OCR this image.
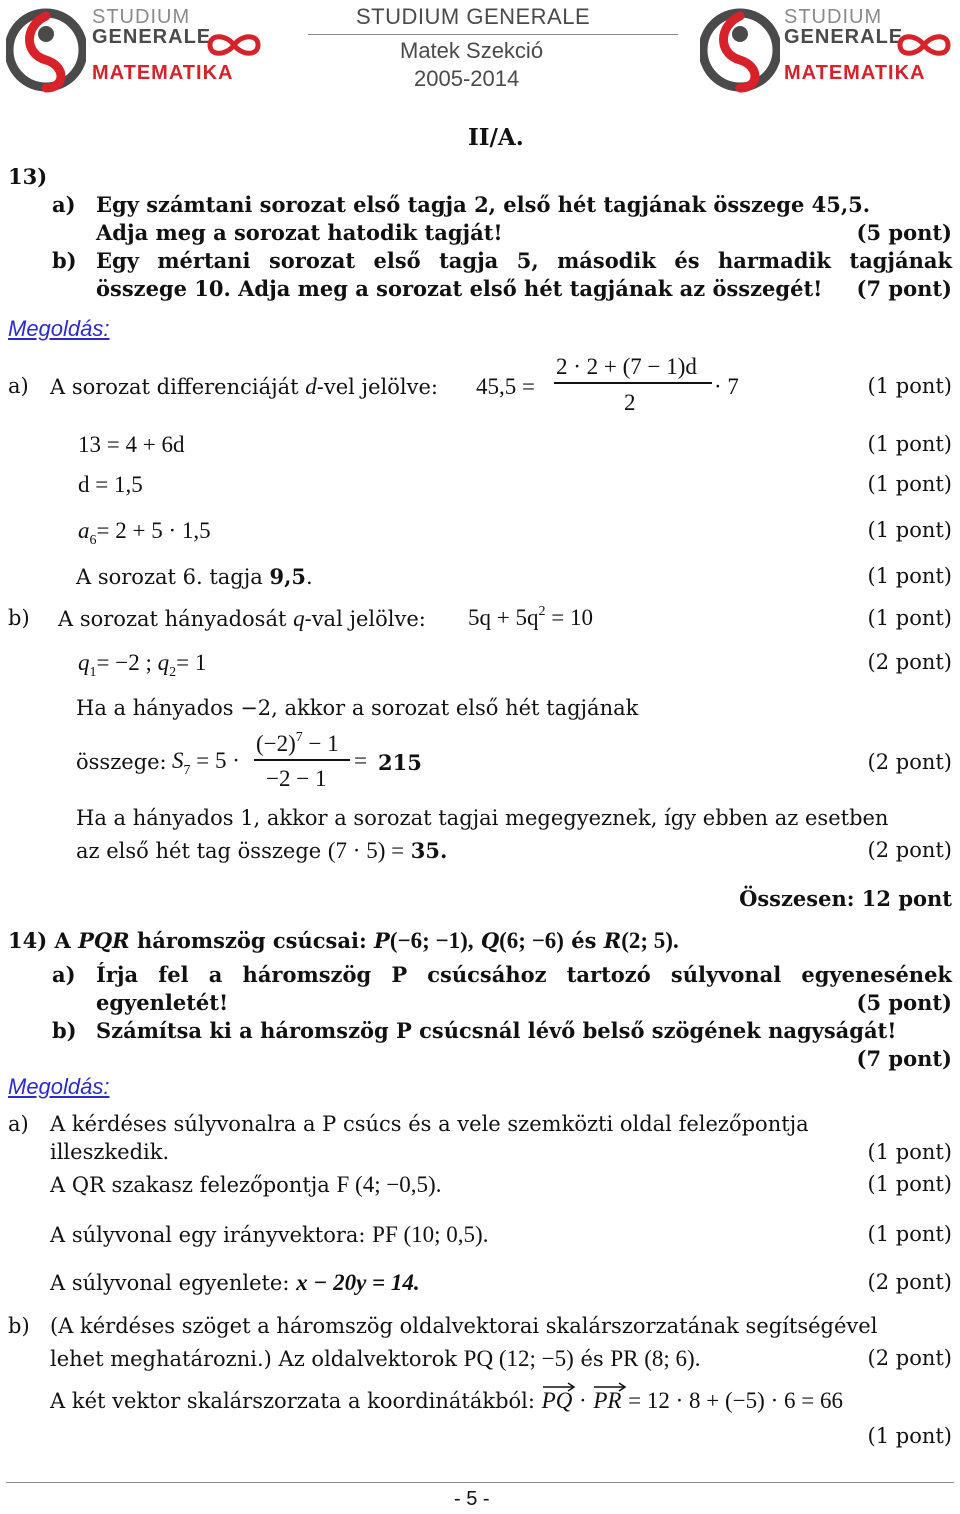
STUDIUM
GENERALE
MATEMATIKA
STUDIUM GENERALE
Matek Szekció
2005-2014
STUDIUM
GENERALE
MATEMATIKA
II/A.
13)
a) Egy számtani sorozat első tagja 2, első hét tagjának összege 45,5.
Adja meg a sorozat hatodik tagját!	(5 pont)
b) Egy mértani sorozat első tagja 5, második és harmadik tagjának
összege 10. Adja meg a sorozat első hét tagjának az összegét! (7 pont)
Megoldás:
a) A sorozat differenciáját d-vel jelölve: 45,5 =
2 · 2 + (7 − 1)d
2
· 7	(1 pont)
13 = 4 + 6d	(1 pont)
d = 1,5	(1 pont)
$a_6= 2 + 5 \cdot 1,5$	(1 pont)
A sorozat 6. tagja 9,5.	(1 pont)
b) A sorozat hányadosát q-val jelölve: $5q + 5q^2 = 10$	(1 pont)
$q_1= -2$ ; $q_2= 1$	(2 pont)
Ha a hányados −2, akkor a sorozat első hét tagjának
összege: $S_7 = 5$ ·
$(-2)^7 - 1$
−2 − 1
= 215	(2 pont)
Ha a hányados 1, akkor a sorozat tagjai megegyeznek, így ebben az esetben
az első hét tag összege (7 · 5) = 35.	(2 pont)
Összesen: 12 pont
14) A PQR háromszög csúcsai: P(−6; −1), Q(6; −6) és R(2; 5).
a) Írja fel a háromszög P csúcsához tartozó súlyvonal egyenesének
egyenletét!	(5 pont)
b) Számítsa ki a háromszög P csúcsnál lévő belső szögének nagyságát!
(7 pont)
Megoldás:
a) A kérdéses súlyvonalra a P csúcs és a vele szemközti oldal felezőpontja
illeszkedik.	(1 pont)
A QR szakasz felezőpontja F (4; −0,5).	(1 pont)
A súlyvonal egy irányvektora: PF (10; 0,5).	(1 pont)
A súlyvonal egyenlete: x − 20y = 14.	(2 pont)
b) (A kérdéses szöget a háromszög oldalvektorai skalárszorzatának segítségével
lehet meghatározni.) Az oldalvektorok PQ (12; −5) és PR (8; 6).	(2 pont)
A két vektor skalárszorzata a koordinátákból: PQ · PR = 12 · 8 + (−5) · 6 = 66
(1 pont)
- 5 -
